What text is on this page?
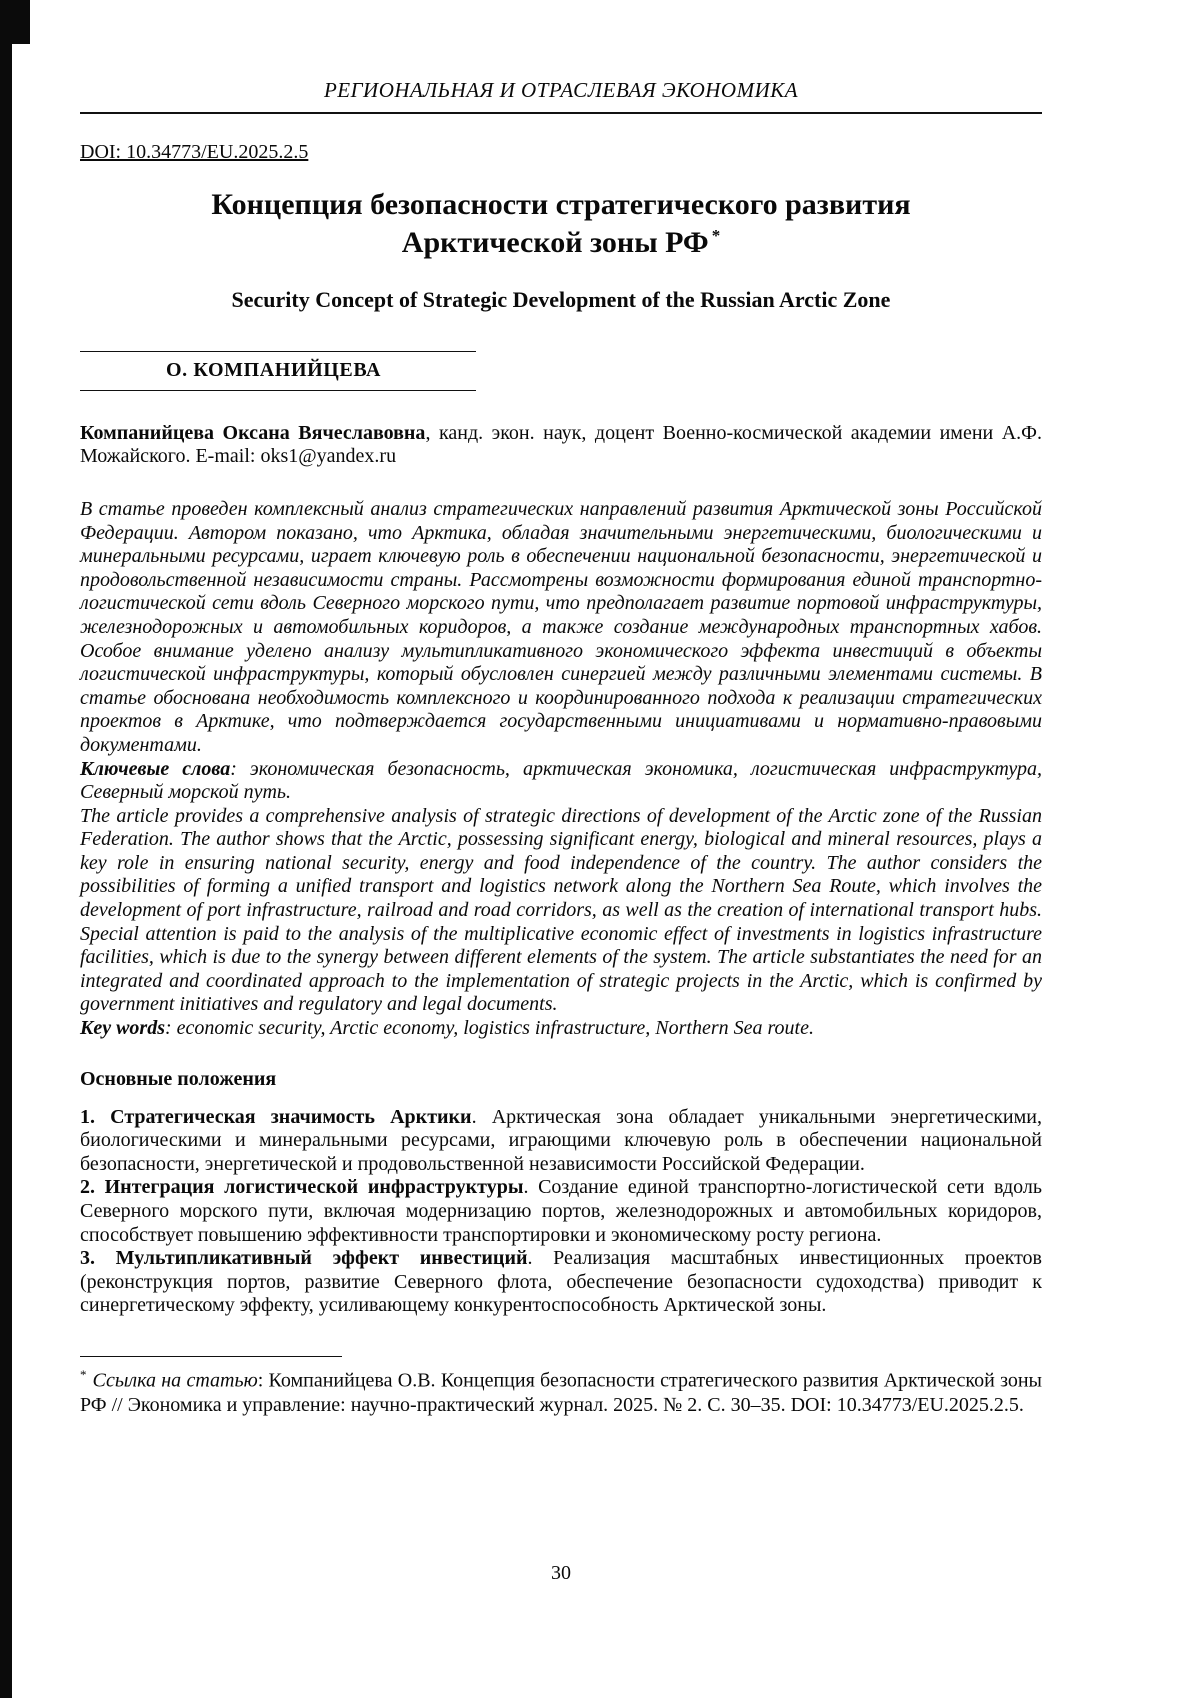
РЕГИОНАЛЬНАЯ И ОТРАСЛЕВАЯ ЭКОНОМИКА
DOI: 10.34773/EU.2025.2.5
Концепция безопасности стратегического развития
Арктической зоны РФ *
Security Concept of Strategic Development of the Russian Arctic Zone
О. КОМПАНИЙЦЕВА

Компанийцева Оксана Вячеславовна, канд. экон. наук, доцент Военно-космической академии имени А.Ф. Можайского. E-mail: oks1@yandex.ru

В статье проведен комплексный анализ стратегических направлений развития Арктической зоны Российской Федерации. Автором показано, что Арктика, обладая значительными энергетическими, биологическими и минеральными ресурсами, играет ключевую роль в обеспечении национальной безопасности, энергетической и продовольственной независимости страны. Рассмотрены возможности формирования единой транспортно-логистической сети вдоль Северного морского пути, что предполагает развитие портовой инфраструктуры, железнодорожных и автомобильных коридоров, а также создание международных транспортных хабов. Особое внимание уделено анализу мультипликативного экономического эффекта инвестиций в объекты логистической инфраструктуры, который обусловлен синергией между различными элементами системы. В статье обоснована необходимость комплексного и координированного подхода к реализации стратегических проектов в Арктике, что подтверждается государственными инициативами и нормативно-правовыми документами.

Ключевые слова: экономическая безопасность, арктическая экономика, логистическая инфраструктура, Северный морской путь.

The article provides a comprehensive analysis of strategic directions of development of the Arctic zone of the Russian Federation. The author shows that the Arctic, possessing significant energy, biological and mineral resources, plays a key role in ensuring national security, energy and food independence of the country. The author considers the possibilities of forming a unified transport and logistics network along the Northern Sea Route, which involves the development of port infrastructure, railroad and road corridors, as well as the creation of international transport hubs. Special attention is paid to the analysis of the multiplicative economic effect of investments in logistics infrastructure facilities, which is due to the synergy between different elements of the system. The article substantiates the need for an integrated and coordinated approach to the implementation of strategic projects in the Arctic, which is confirmed by government initiatives and regulatory and legal documents.

Key words: economic security, Arctic economy, logistics infrastructure, Northern Sea route.

Основные положения

1. Стратегическая значимость Арктики. Арктическая зона обладает уникальными энергетическими, биологическими и минеральными ресурсами, играющими ключевую роль в обеспечении национальной безопасности, энергетической и продовольственной независимости Российской Федерации.

2. Интеграция логистической инфраструктуры. Создание единой транспортно-логистической сети вдоль Северного морского пути, включая модернизацию портов, железнодорожных и автомобильных коридоров, способствует повышению эффективности транспортировки и экономическому росту региона.

3. Мультипликативный эффект инвестиций. Реализация масштабных инвестиционных проектов (реконструкция портов, развитие Северного флота, обеспечение безопасности судоходства) приводит к синергетическому эффекту, усиливающему конкурентоспособность Арктической зоны.

* Ссылка на статью: Компанийцева О.В. Концепция безопасности стратегического развития Арктической зоны РФ // Экономика и управление: научно-практический журнал. 2025. № 2. С. 30–35. DOI: 10.34773/EU.2025.2.5.

30
